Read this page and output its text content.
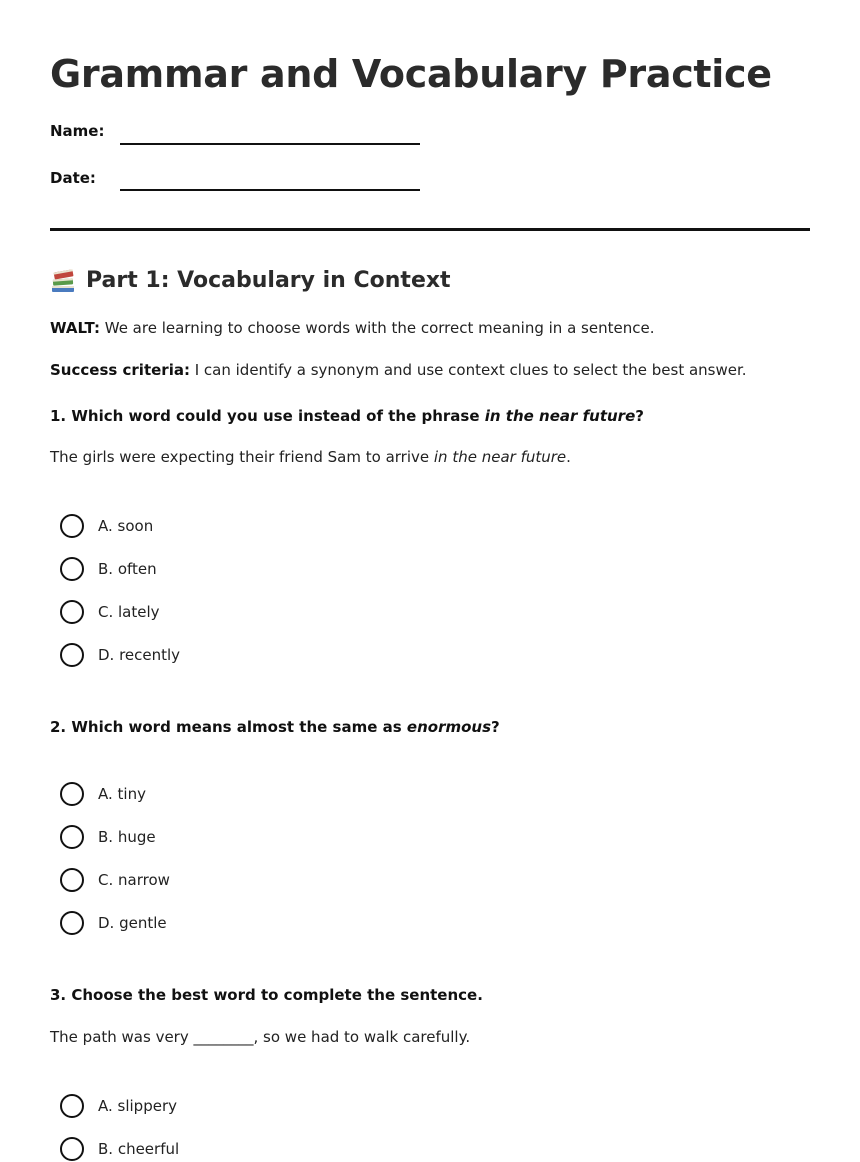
Grammar and Vocabulary Practice
Name:
Date:
Part 1: Vocabulary in Context
WALT: We are learning to choose words with the correct meaning in a sentence.
Success criteria: I can identify a synonym and use context clues to select the best answer.
1. Which word could you use instead of the phrase in the near future?
The girls were expecting their friend Sam to arrive in the near future.
A. soon
B. often
C. lately
D. recently
2. Which word means almost the same as enormous?
A. tiny
B. huge
C. narrow
D. gentle
3. Choose the best word to complete the sentence.
The path was very ________, so we had to walk carefully.
A. slippery
B. cheerful
